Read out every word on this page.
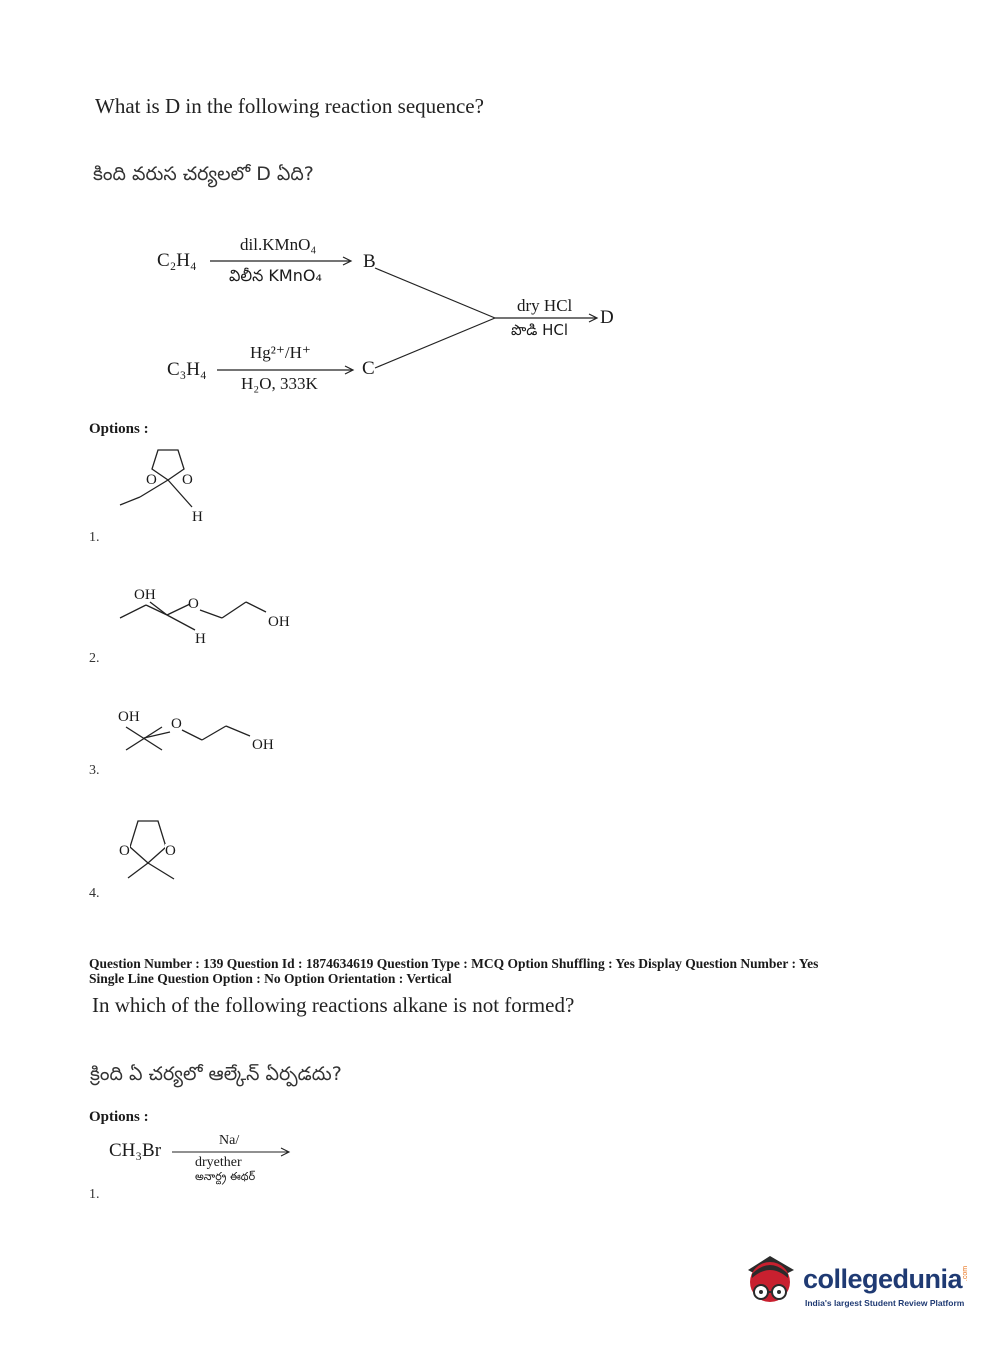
What is D in the following reaction sequence?
కింది వరుస చర్యలలో D ఏది?
C₂H₄
dil.KMnO₄
విలీన KMnO₄
B
C₃H₄
Hg²⁺/H⁺
H₂O, 333K
C
dry HCl
పొడి HCl
D
Options :
O O
H
1.
OH
O
H
OH
2.
OH O
OH
3.
O O
4.
Question Number : 139 Question Id : 1874634619 Question Type : MCQ Option Shuffling : Yes Display Question Number : Yes
Single Line Question Option : No Option Orientation : Vertical
In which of the following reactions alkane is not formed?
క్రింది ఏ చర్యలో ఆల్కేన్ ఏర్పడదు?
Options :
CH₃Br	Na/
dryether
అనార్ద్ర ఈథర్
1.
collegedunia .com
India's largest Student Review Platform
